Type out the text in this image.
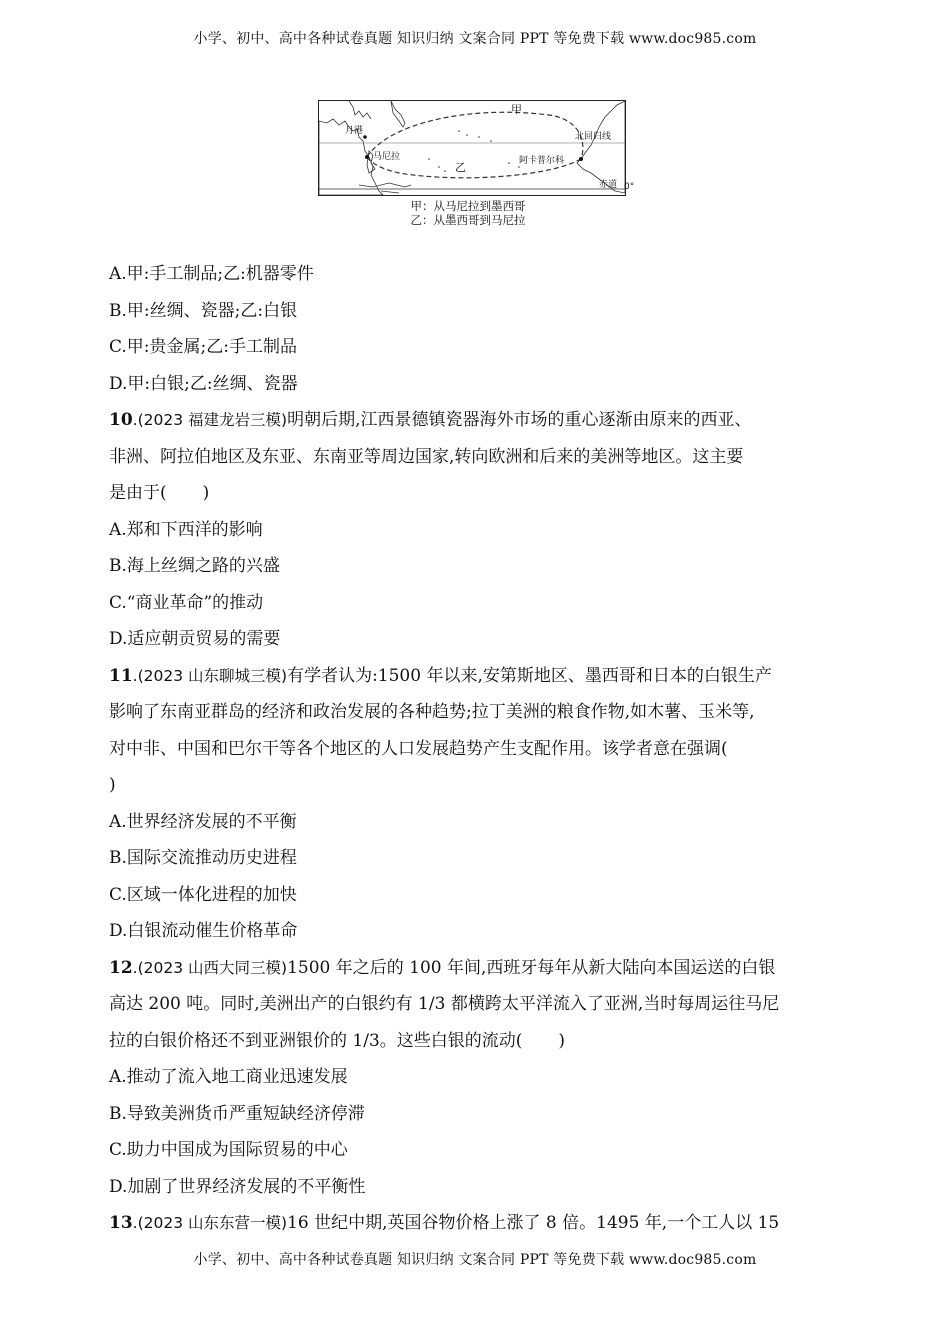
小学、初中、高中各种试卷真题 知识归纳 文案合同 PPT 等免费下载 www.doc985.com
甲
乙
月港
马尼拉	阿卡普尔科
北回归线
赤道 0°
甲：从马尼拉到墨西哥
乙：从墨西哥到马尼拉
A.甲:手工制品;乙:机器零件
B.甲:丝绸、瓷器;乙:白银
C.甲:贵金属;乙:手工制品
D.甲:白银;乙:丝绸、瓷器
10.(2023 福建龙岩三模)明朝后期,江西景德镇瓷器海外市场的重心逐渐由原来的西亚、
非洲、阿拉伯地区及东亚、东南亚等周边国家,转向欧洲和后来的美洲等地区。这主要
是由于( )
A.郑和下西洋的影响
B.海上丝绸之路的兴盛
C.“商业革命”的推动
D.适应朝贡贸易的需要
11.(2023 山东聊城三模)有学者认为:1500 年以来,安第斯地区、墨西哥和日本的白银生产
影响了东南亚群岛的经济和政治发展的各种趋势;拉丁美洲的粮食作物,如木薯、玉米等,
对中非、中国和巴尔干等各个地区的人口发展趋势产生支配作用。该学者意在强调(
)
A.世界经济发展的不平衡
B.国际交流推动历史进程
C.区域一体化进程的加快
D.白银流动催生价格革命
12.(2023 山西大同三模)1500 年之后的 100 年间,西班牙每年从新大陆向本国运送的白银
高达 200 吨。同时,美洲出产的白银约有 1/3 都横跨太平洋流入了亚洲,当时每周运往马尼
拉的白银价格还不到亚洲银价的 1/3。这些白银的流动( )
A.推动了流入地工商业迅速发展
B.导致美洲货币严重短缺经济停滞
C.助力中国成为国际贸易的中心
D.加剧了世界经济发展的不平衡性
13.(2023 山东东营一模)16 世纪中期,英国谷物价格上涨了 8 倍。1495 年,一个工人以 15
小学、初中、高中各种试卷真题 知识归纳 文案合同 PPT 等免费下载 www.doc985.com
